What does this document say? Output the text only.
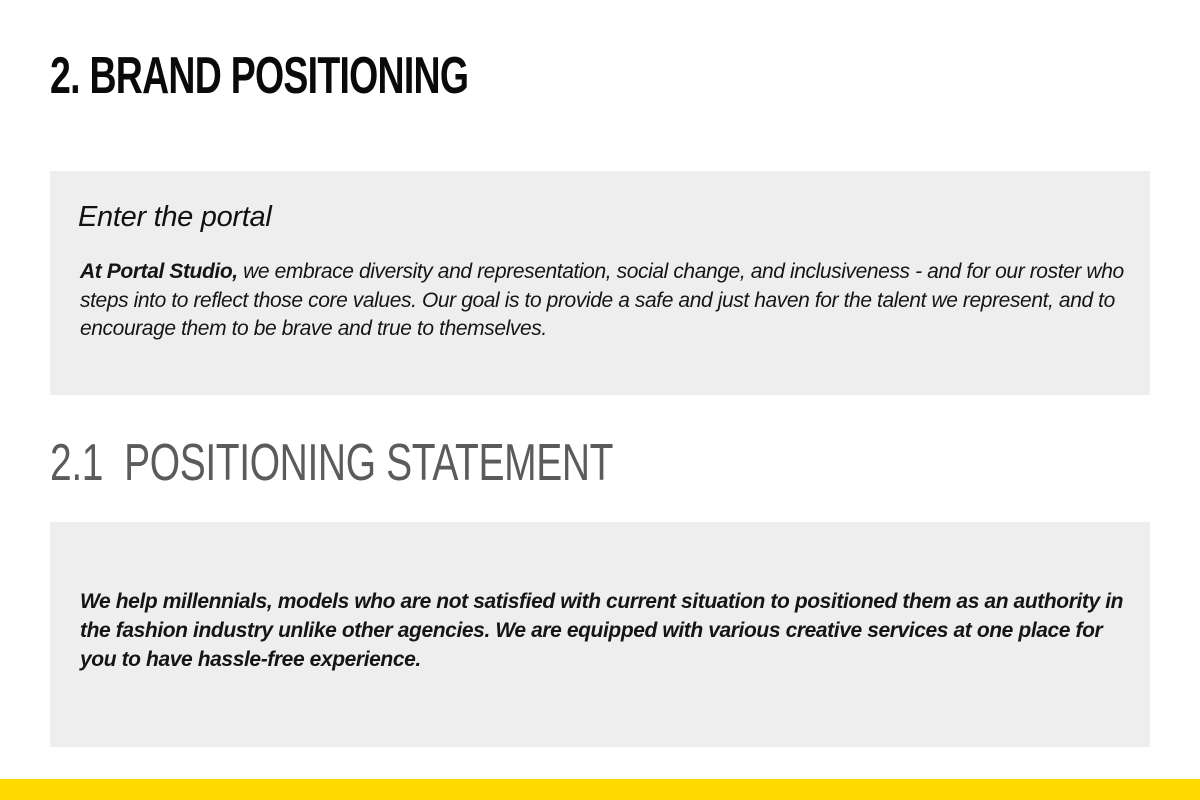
2. BRAND POSITIONING
Enter the portal

At Portal Studio, we embrace diversity and representation, social change, and inclusiveness - and for our roster who steps into to reflect those core values. Our goal is to provide a safe and just haven for the talent we represent, and to encourage them to be brave and true to themselves.

2.1 POSITIONING STATEMENT

We help millennials, models who are not satisfied with current situation to positioned them as an authority in the fashion industry unlike other agencies. We are equipped with various creative services at one place for you to have hassle-free experience.
